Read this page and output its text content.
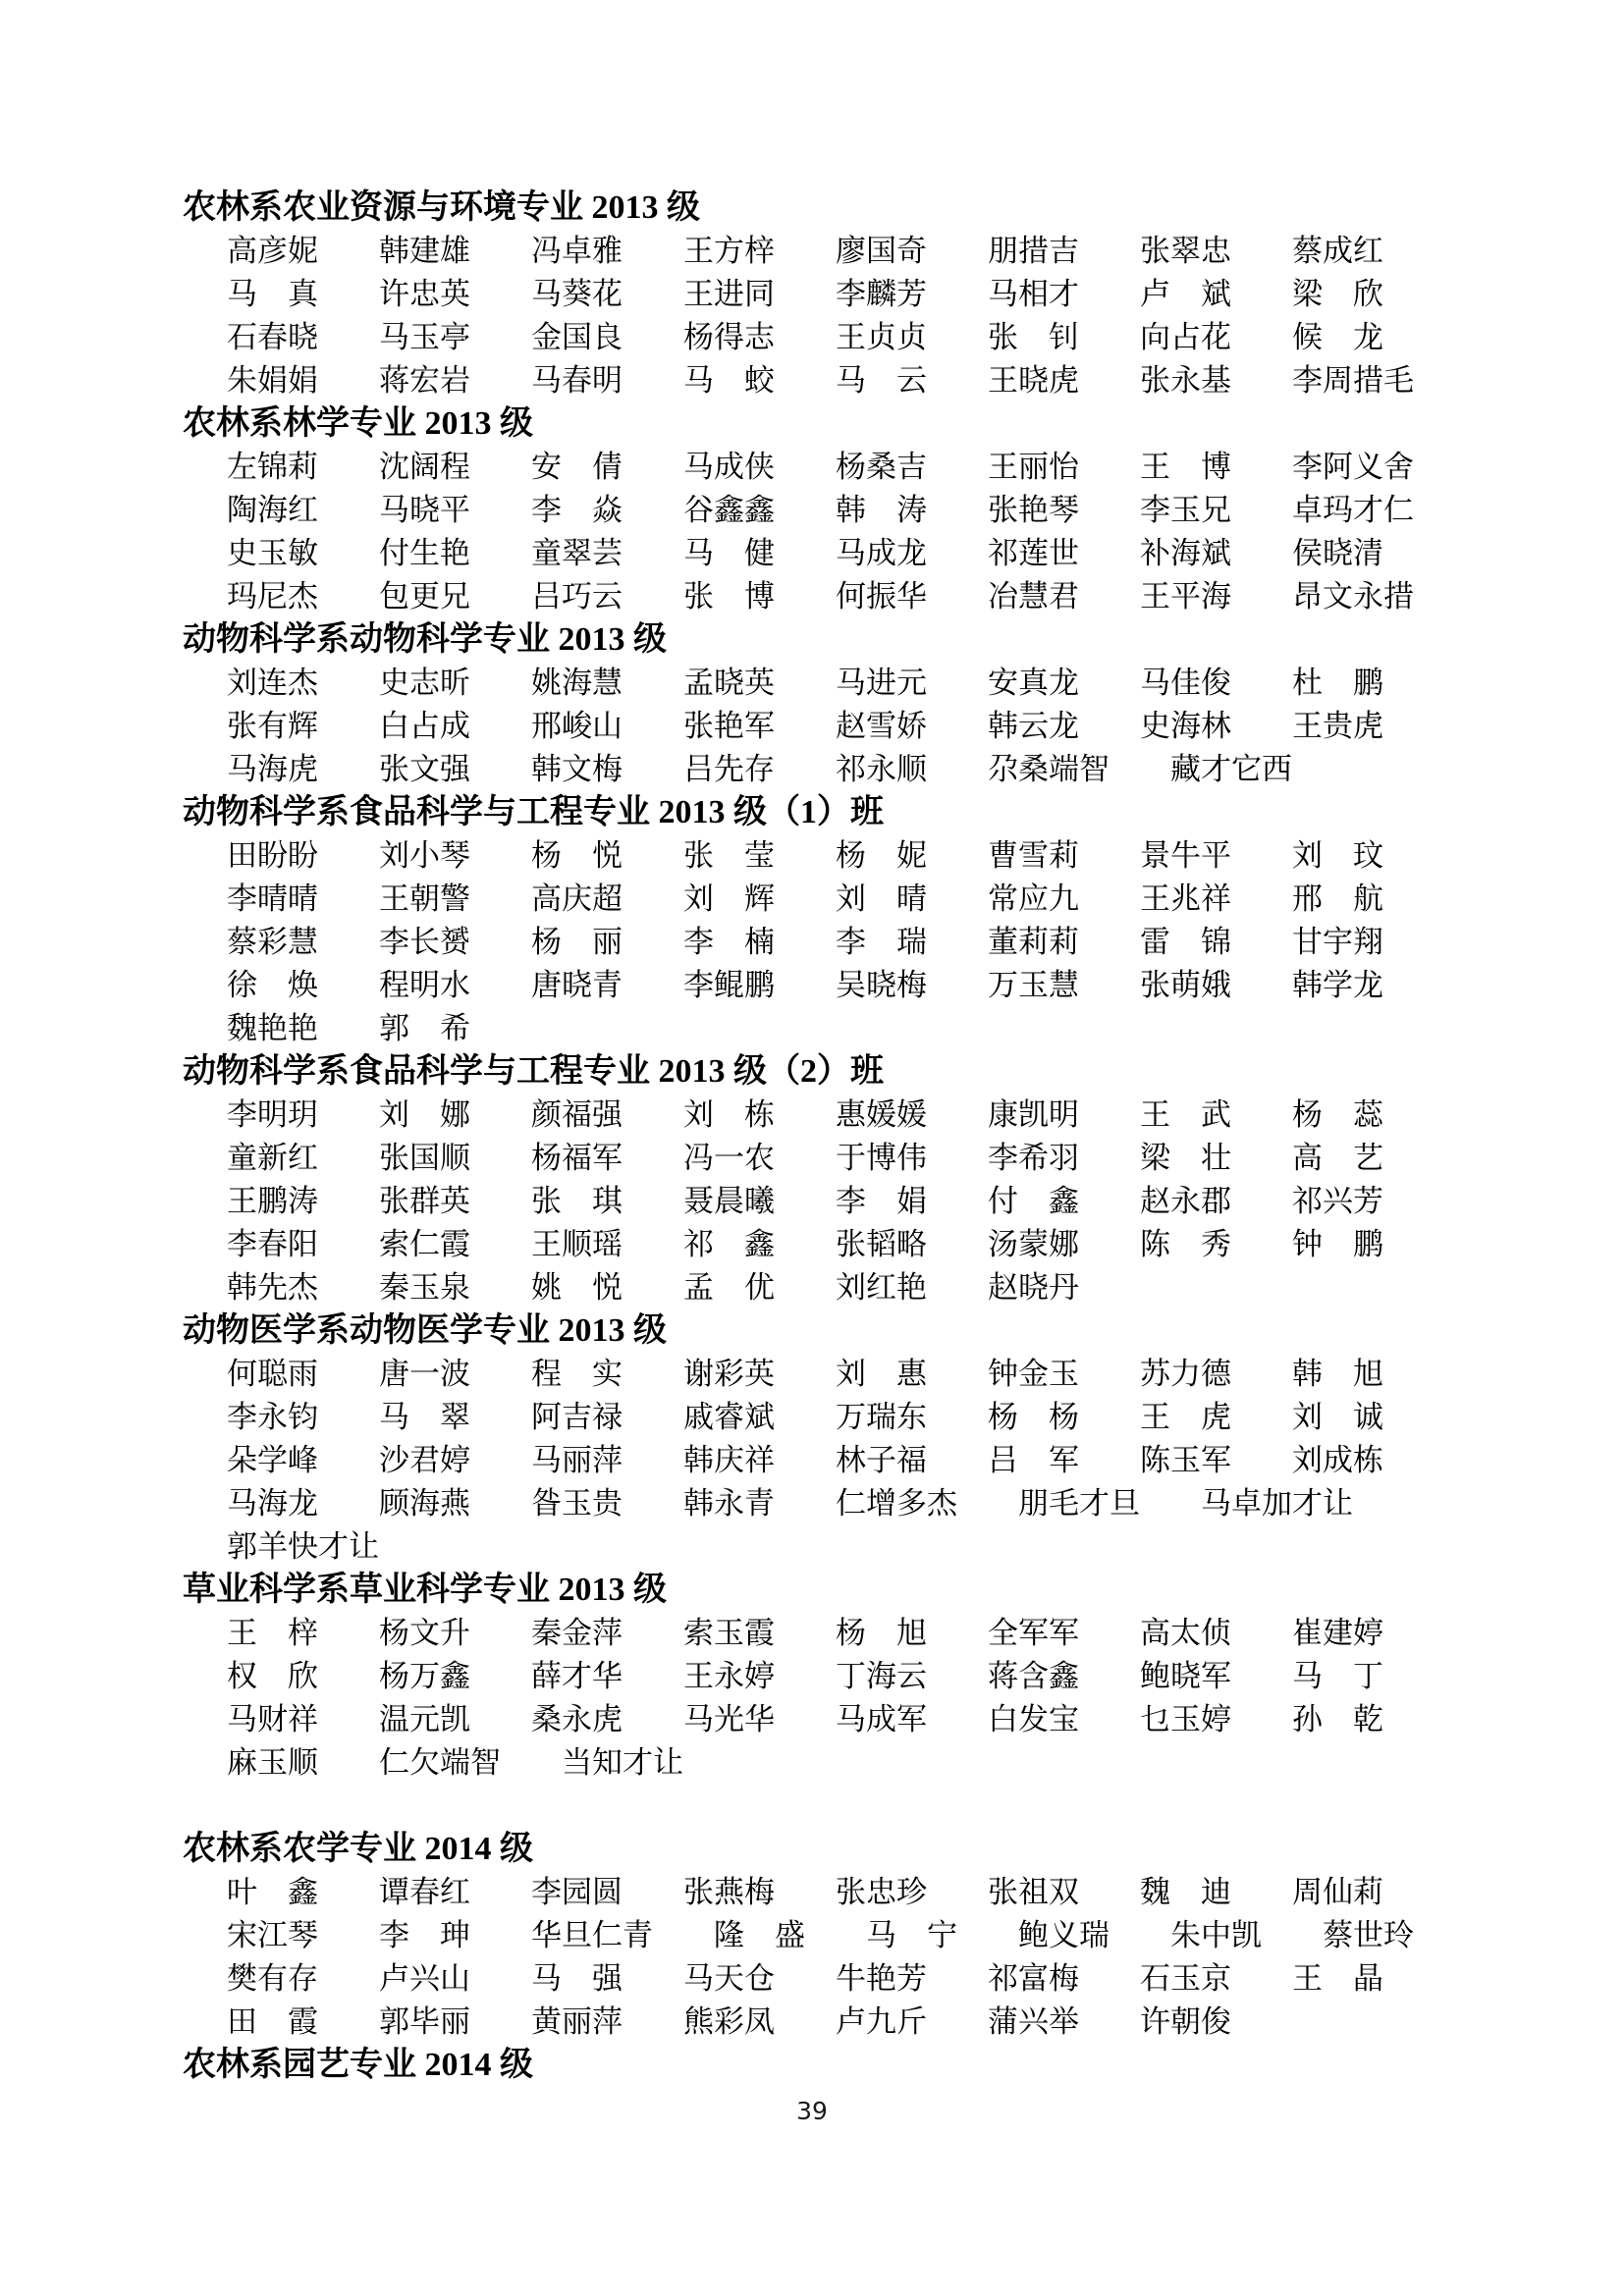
农林系农业资源与环境专业 2013 级

高彦妮 韩建雄 冯卓雅 王方梓 廖国奇 朋措吉 张翠忠 蔡成红

马　真 许忠英 马葵花 王进同 李麟芳 马相才 卢　斌 梁　欣

石春晓 马玉亭 金国良 杨得志 王贞贞 张　钊 向占花 候　龙

朱娟娟 蒋宏岩 马春明 马　蛟 马　云 王晓虎 张永基 李周措毛

农林系林学专业 2013 级

左锦莉 沈阔程 安　倩 马成侠 杨桑吉 王丽怡 王　博 李阿义舍

陶海红 马晓平 李　焱 谷鑫鑫 韩　涛 张艳琴 李玉兄 卓玛才仁

史玉敏 付生艳 童翠芸 马　健 马成龙 祁莲世 补海斌 侯晓清

玛尼杰 包更兄 吕巧云 张　博 何振华 冶慧君 王平海 昂文永措

动物科学系动物科学专业 2013 级

刘连杰 史志昕 姚海慧 孟晓英 马进元 安真龙 马佳俊 杜　鹏

张有辉 白占成 邢峻山 张艳军 赵雪娇 韩云龙 史海林 王贵虎

马海虎 张文强 韩文梅 吕先存 祁永顺 尕桑端智 藏才它西

动物科学系食品科学与工程专业 2013 级（1）班

田盼盼 刘小琴 杨　悦 张　莹 杨　妮 曹雪莉 景牛平 刘　玟

李晴晴 王朝警 高庆超 刘　辉 刘　晴 常应九 王兆祥 邢　航

蔡彩慧 李长赟 杨　丽 李　楠 李　瑞 董莉莉 雷　锦 甘宇翔

徐　焕 程明水 唐晓青 李鲲鹏 吴晓梅 万玉慧 张萌娥 韩学龙

魏艳艳 郭　希

动物科学系食品科学与工程专业 2013 级（2）班

李明玥 刘　娜 颜福强 刘　栋 惠媛媛 康凯明 王　武 杨　蕊

童新红 张国顺 杨福军 冯一农 于博伟 李希羽 梁　壮 高　艺

王鹏涛 张群英 张　琪 聂晨曦 李　娟 付　鑫 赵永郡 祁兴芳

李春阳 索仁霞 王顺瑶 祁　鑫 张韬略 汤蒙娜 陈　秀 钟　鹏

韩先杰 秦玉泉 姚　悦 孟　优 刘红艳 赵晓丹

动物医学系动物医学专业 2013 级

何聪雨 唐一波 程　实 谢彩英 刘　惠 钟金玉 苏力德 韩　旭

李永钧 马　翠 阿吉禄 戚睿斌 万瑞东 杨　杨 王　虎 刘　诚

朵学峰 沙君婷 马丽萍 韩庆祥 林子福 吕　军 陈玉军 刘成栋

马海龙 顾海燕 昝玉贵 韩永青 仁增多杰 朋毛才旦 马卓加才让

郭羊快才让

草业科学系草业科学专业 2013 级

王　梓 杨文升 秦金萍 索玉霞 杨　旭 全军军 高太侦 崔建婷

权　欣 杨万鑫 薛才华 王永婷 丁海云 蒋含鑫 鲍晓军 马　丁

马财祥 温元凯 桑永虎 马光华 马成军 白发宝 乜玉婷 孙　乾

麻玉顺 仁欠端智 当知才让

农林系农学专业 2014 级

叶　鑫 谭春红 李园圆 张燕梅 张忠珍 张祖双 魏　迪 周仙莉

宋江琴 李　珅 华旦仁青 隆　盛 马　宁 鲍义瑞 朱中凯 蔡世玲

樊有存 卢兴山 马　强 马天仓 牛艳芳 祁富梅 石玉京 王　晶

田　霞 郭毕丽 黄丽萍 熊彩凤 卢九斤 蒲兴举 许朝俊

农林系园艺专业 2014 级
39
